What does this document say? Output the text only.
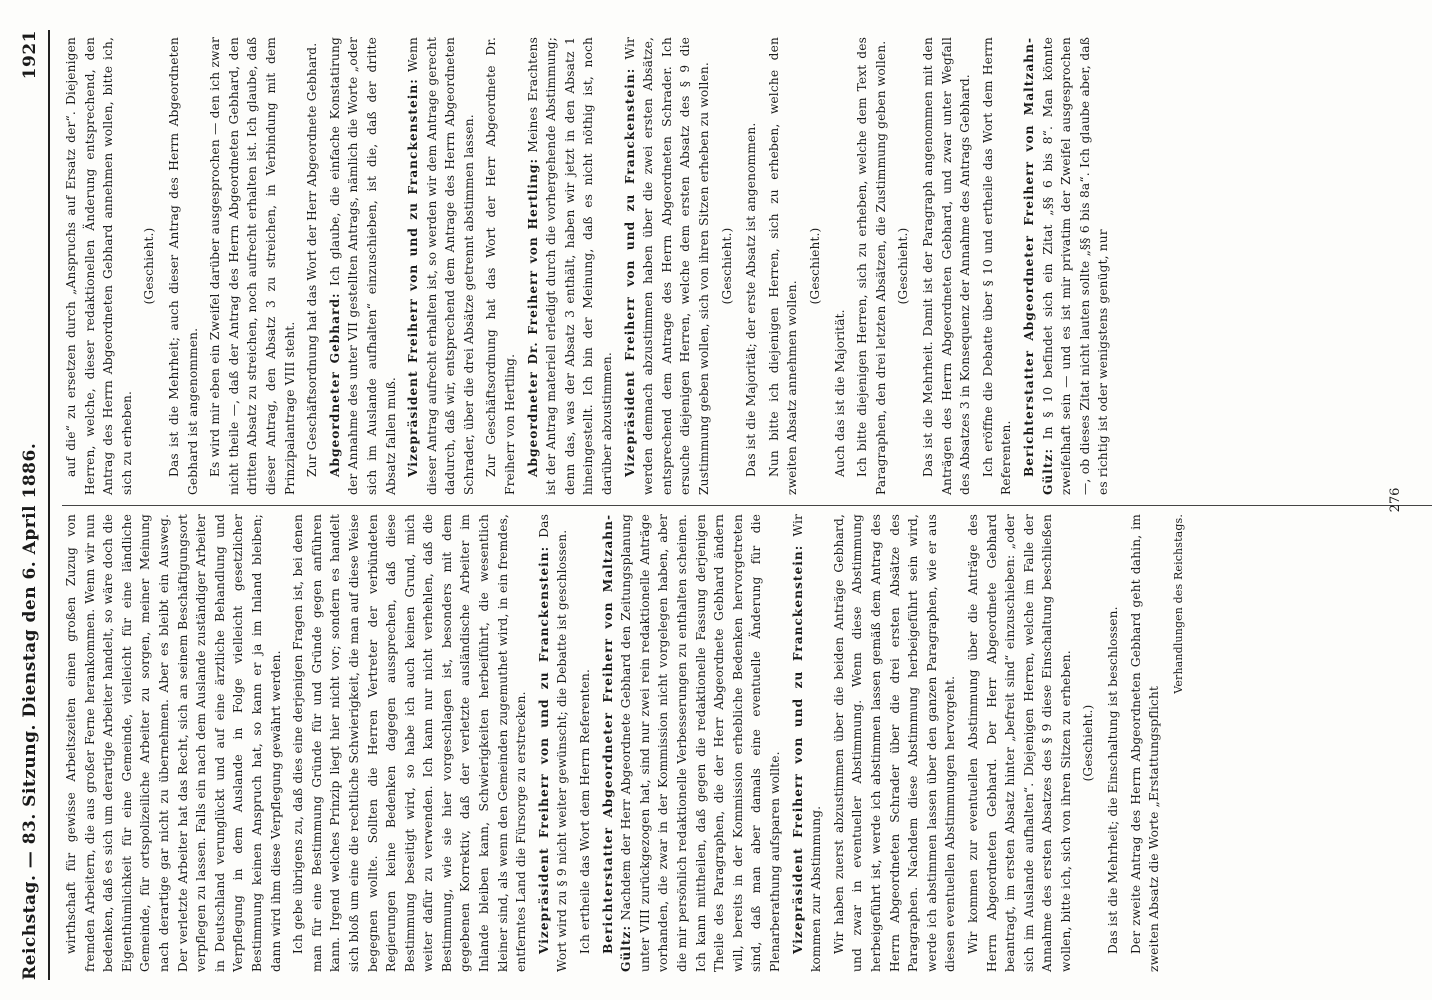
Reichstag. — 83. Sitzung. Dienstag den 6. April 1886.
1921

wirthschaft für gewisse Arbeitszeiten einen großen Zuzug von fremden Arbeitern, die aus großer Ferne herankommen. Wenn wir nun bedenken, daß es sich um derartige Arbeiter handelt, so wäre doch die Eigenthümlichkeit für eine Gemeinde, vielleicht für eine ländliche Gemeinde, für ortspolizeiliche Arbeiter zu sorgen, meiner Meinung nach derartige gar nicht zu übernehmen. Aber es bleibt ein Ausweg. Der verletzte Arbeiter hat das Recht, sich an seinem Beschäftigungsort verpflegen zu lassen. Falls ein nach dem Auslande zuständiger Arbeiter in Deutschland verunglückt und auf eine ärztliche Behandlung und Verpflegung in dem Auslande in Folge vielleicht gesetzlicher Bestimmung keinen Anspruch hat, so kann er ja im Inland bleiben; dann wird ihm diese Verpflegung gewährt werden. Ich gebe übrigens zu, daß dies eine derjenigen Fragen ist, bei denen man für eine Bestimmung Gründe für und Gründe gegen anführen kann. Irgend welches Prinzip liegt hier nicht vor; sondern es handelt sich bloß um eine die rechtliche Schwierigkeit, die man auf diese Weise begegnen wollte. Sollten die Herren Vertreter der verbündeten Regierungen keine Bedenken dagegen aussprechen, daß diese Bestimmung beseitigt wird, so habe ich auch keinen Grund, mich weiter dafür zu verwenden. Ich kann nur nicht verhehlen, daß die Bestimmung, wie sie hier vorgeschlagen ist, besonders mit dem gegebenen Korrektiv, daß der verletzte ausländische Arbeiter im Inlande bleiben kann, Schwierigkeiten herbeiführt, die wesentlich kleiner sind, als wenn den Gemeinden zugemuthet wird, in ein fremdes, entferntes Land die Fürsorge zu erstrecken. Vizepräsident Freiherr von und zu Franckenstein: Das Wort wird zu § 9 nicht weiter gewünscht; die Debatte ist geschlossen. Ich ertheile das Wort dem Herrn Referenten. Berichterstatter Abgeordneter Freiherr von Maltzahn-Gültz: Nachdem der Herr Abgeordnete Gebhard den Zeitungsplanung unter VIII zurückgezogen hat, sind nur zwei rein redaktionelle Anträge vorhanden, die zwar in der Kommission nicht vorgelegen haben, aber die mir persönlich redaktionelle Verbesserungen zu enthalten scheinen. Ich kann mittheilen, daß gegen die redaktionelle Fassung derjenigen Theile des Paragraphen, die der Herr Abgeordnete Gebhard ändern will, bereits in der Kommission erhebliche Bedenken hervorgetreten sind, daß man aber damals eine eventuelle Änderung für die Plenarberathung aufsparen wollte. Vizepräsident Freiherr von und zu Franckenstein: Wir kommen zur Abstimmung. Wir haben zuerst abzustimmen über die beiden Anträge Gebhard, und zwar in eventueller Abstimmung. Wenn diese Abstimmung herbeigeführt ist, werde ich abstimmen lassen gemäß dem Antrag des Herrn Abgeordneten Schrader über die drei ersten Absätze des Paragraphen. Nachdem diese Abstimmung herbeigeführt sein wird, werde ich abstimmen lassen über den ganzen Paragraphen, wie er aus diesen eventuellen Abstimmungen hervorgeht. Wir kommen zur eventuellen Abstimmung über die Anträge des Herrn Abgeordneten Gebhard. Der Herr Abgeordnete Gebhard beantragt, im ersten Absatz hinter „befreit sind“ einzuschieben: „oder sich im Auslande aufhalten“. Diejenigen Herren, welche im Falle der Annahme des ersten Absatzes des § 9 diese Einschaltung beschließen wollen, bitte ich, sich von ihren Sitzen zu erheben. (Geschieht.) Das ist die Mehrheit; die Einschaltung ist beschlossen. Der zweite Antrag des Herrn Abgeordneten Gebhard geht dahin, im zweiten Absatz die Worte „Erstattungspflicht

Verhandlungen des Reichstags.

auf die“ zu ersetzen durch „Anspruchs auf Ersatz der“. Diejenigen Herren, welche, dieser redaktionellen Änderung entsprechend, den Antrag des Herrn Abgeordneten Gebhard annehmen wollen, bitte ich, sich zu erheben.

(Geschieht.) Das ist die Mehrheit; auch dieser Antrag des Herrn Abgeordneten Gebhard ist angenommen. Es wird mir eben ein Zweifel darüber ausgesprochen — den ich zwar nicht theile —, daß der Antrag des Herrn Abgeordneten Gebhard, den dritten Absatz zu streichen, noch aufrecht erhalten ist. Ich glaube, daß dieser Antrag, den Absatz 3 zu streichen, in Verbindung mit dem Prinzipalantrage VIII steht. Zur Geschäftsordnung hat das Wort der Herr Abgeordnete Gebhard. Abgeordneter Gebhard: Ich glaube, die einfache Konstatirung der Annahme des unter VII gestellten Antrags, nämlich die Worte „oder sich im Auslande aufhalten“ einzuschieben, ist die, daß der dritte Absatz fallen muß. Vizepräsident Freiherr von und zu Franckenstein: Wenn dieser Antrag aufrecht erhalten ist, so werden wir dem Antrage gerecht dadurch, daß wir, entsprechend dem Antrage des Herrn Abgeordneten Schrader, über die drei Absätze getrennt abstimmen lassen. Zur Geschäftsordnung hat das Wort der Herr Abgeordnete Dr. Freiherr von Hertling. Abgeordneter Dr. Freiherr von Hertling: Meines Erachtens ist der Antrag materiell erledigt durch die vorhergehende Abstimmung; denn das, was der Absatz 3 enthält, haben wir jetzt in den Absatz 1 hineingestellt. Ich bin der Meinung, daß es nicht nöthig ist, noch darüber abzustimmen. Vizepräsident Freiherr von und zu Franckenstein: Wir werden demnach abzustimmen haben über die zwei ersten Absätze, entsprechend dem Antrage des Herrn Abgeordneten Schrader. Ich ersuche diejenigen Herren, welche dem ersten Absatz des § 9 die Zustimmung geben wollen, sich von ihren Sitzen erheben zu wollen. (Geschieht.) Das ist die Majorität; der erste Absatz ist angenommen. Nun bitte ich diejenigen Herren, sich zu erheben, welche den zweiten Absatz annehmen wollen.

(Geschieht.)

Auch das ist die Majorität. Ich bitte diejenigen Herren, sich zu erheben, welche dem Text des Paragraphen, den drei letzten Absätzen, die Zustimmung geben wollen. (Geschieht.) Das ist die Mehrheit. Damit ist der Paragraph angenommen mit den Anträgen des Herrn Abgeordneten Gebhard, und zwar unter Wegfall des Absatzes 3 in Konsequenz der Annahme des Antrags Gebhard. Ich eröffne die Debatte über § 10 und ertheile das Wort dem Herrn Referenten. Berichterstatter Abgeordneter Freiherr von Maltzahn-Gültz: In § 10 befindet sich ein Zitat „§§ 6 bis 8“. Man könnte zweifelhaft sein — und es ist mir privatim der Zweifel ausgesprochen —, ob dieses Zitat nicht lauten sollte „§§ 6 bis 8a“. Ich glaube aber, daß es richtig ist oder wenigstens genügt, nur

276
